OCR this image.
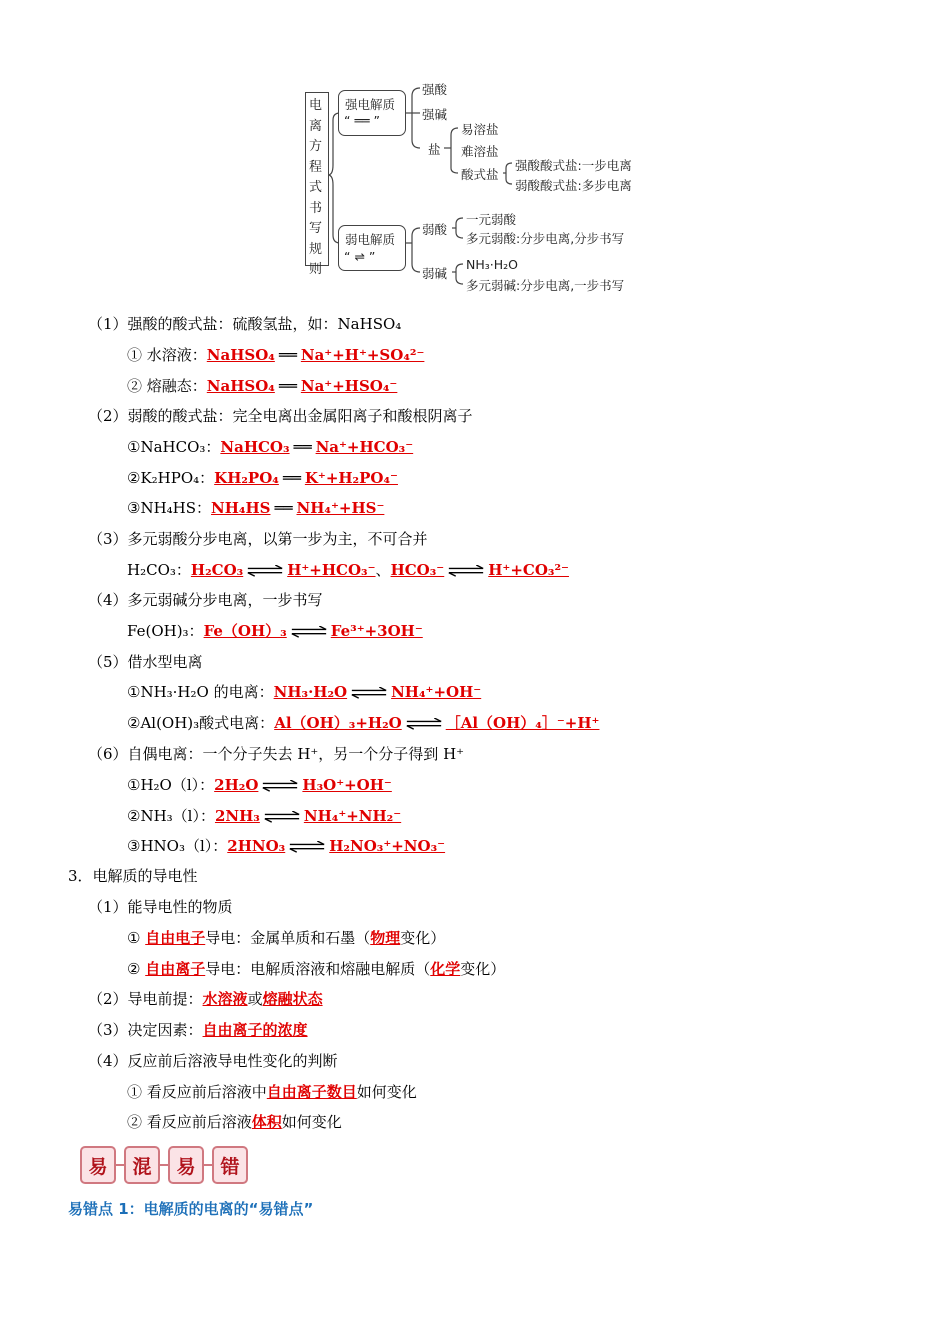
电离方程式书写规则
强电解质
“ ══ ”
弱电解质
“ ⇌ ”
强酸
强碱
盐
易溶盐
难溶盐
酸式盐
强酸酸式盐:一步电离
弱酸酸式盐:多步电离
弱酸
一元弱酸
多元弱酸:分步电离,分步书写
弱碱
NH₃·H₂O
多元弱碱:分步电离,一步书写
（1）强酸的酸式盐：硫酸氢盐，如：NaHSO₄
① 水溶液：NaHSO₄ ══ Na⁺+H⁺+SO₄²⁻
② 熔融态：NaHSO₄ ══ Na⁺+HSO₄⁻
（2）弱酸的酸式盐：完全电离出金属阳离子和酸根阴离子
①NaHCO₃：NaHCO₃ ══ Na⁺+HCO₃⁻
②K₂HPO₄：KH₂PO₄ ══ K⁺+H₂PO₄⁻
③NH₄HS：NH₄HS ══ NH₄⁺+HS⁻
（3）多元弱酸分步电离，以第一步为主，不可合并
H₂CO₃：H₂CO₃	H⁺+HCO₃⁻、HCO₃⁻	H⁺+CO₃²⁻
（4）多元弱碱分步电离，一步书写
Fe(OH)₃：Fe（OH）₃	Fe³⁺+3OH⁻
（5）借水型电离
①NH₃·H₂O 的电离：NH₃·H₂O	NH₄⁺+OH⁻
②Al(OH)₃酸式电离：Al（OH）₃+H₂O	［Al（OH）₄］⁻+H⁺
（6）自偶电离：一个分子失去 H⁺，另一个分子得到 H⁺
①H₂O（l）：2H₂O	H₃O⁺+OH⁻
②NH₃（l）：2NH₃	NH₄⁺+NH₂⁻
③HNO₃（l）：2HNO₃	H₂NO₃⁺+NO₃⁻
3．电解质的导电性
（1）能导电性的物质
① 自由电子导电：金属单质和石墨（物理变化）
② 自由离子导电：电解质溶液和熔融电解质（化学变化）
（2）导电前提：水溶液或熔融状态
（3）决定因素：自由离子的浓度
（4）反应前后溶液导电性变化的判断
① 看反应前后溶液中自由离子数目如何变化
② 看反应前后溶液体积如何变化
易	混	易	错
易错点 1：电解质的电离的“易错点”
